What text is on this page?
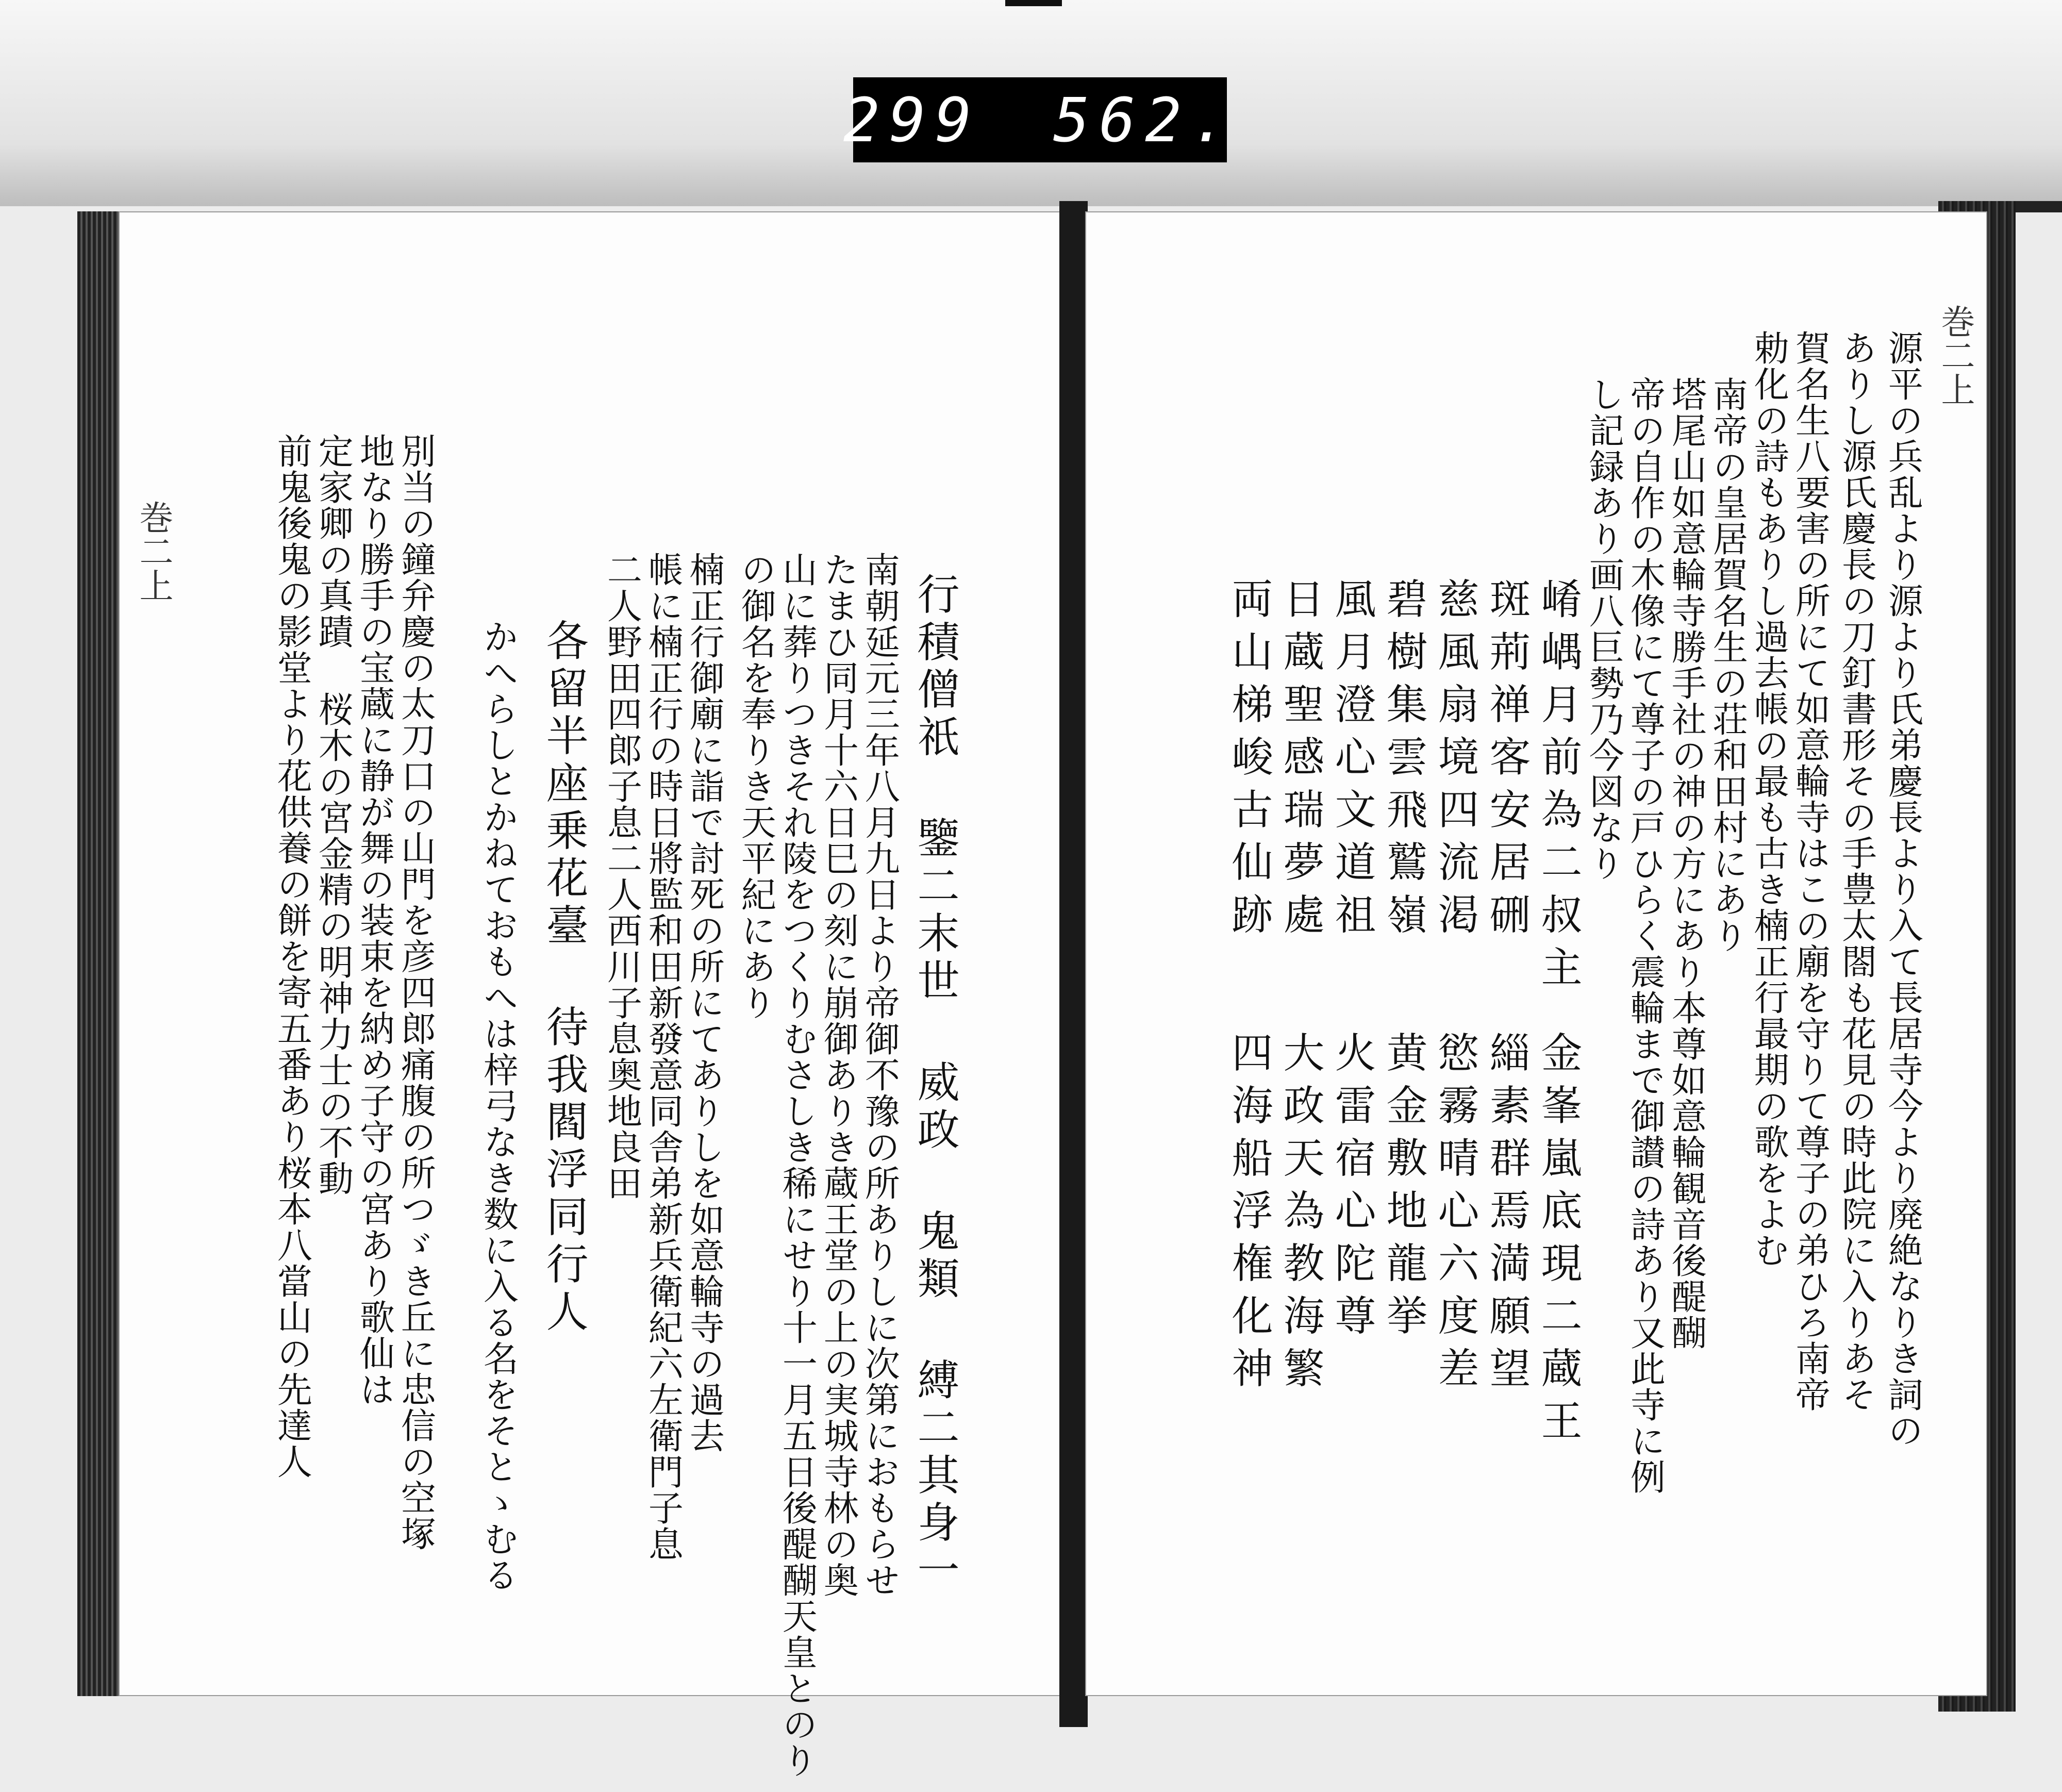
299 562.
巻二上
行積僧祇 鑒二末世 威政 鬼類 縛二其身一
南朝延元三年八月九日より帝御不豫の所ありしに次第におもらせ
たまひ同月十六日巳の刻に崩御ありき蔵王堂の上の実城寺林の奥
山に葬りつきそれ陵をつくりむさしき稀にせり十一月五日後醍醐天皇とのり
の御名を奉りき天平紀にあり
楠正行御廟に詣で討死の所にてありしを如意輪寺の過去
帳に楠正行の時日將監和田新發意同舎弟新兵衛紀六左衛門子息
二人野田四郎子息二人西川子息奥地良田
各留半座乗花臺 待我閻浮同行人
かへらしとかねておもへは梓弓なき数に入る名をそとゝむる
別当の鐘弁慶の太刀口の山門を彦四郎痛腹の所つゞき丘に忠信の空塚
地なり勝手の宝蔵に静が舞の装束を納め子守の宮あり歌仙は
定家卿の真蹟 桜木の宮金精の明神力士の不動
前鬼後鬼の影堂より花供養の餅を寄五番あり桜本八當山の先達人
巻二上
源平の兵乱より源より氏弟慶長より入て長居寺今より廃絶なりき詞の
ありし源氏慶長の刀釘書形その手豊太閤も花見の時此院に入りあそ
賀名生八要害の所にて如意輪寺はこの廟を守りて尊子の弟ひろ南帝
勅化の詩もありし過去帳の最も古き楠正行最期の歌をよむ
南帝の皇居賀名生の荘和田村にあり
塔尾山如意輪寺勝手社の神の方にあり本尊如意輪観音後醍醐
帝の自作の木像にて尊子の戸ひらく震輪まで御讃の詩あり又此寺に例
し記録あり画八巨勢乃今図なり
崤嵎月前為二叔主
金峯嵐底現二蔵王
斑荊禅客安居硎
緇素群焉満願望
慈風扇境四流渇
慾霧晴心六度差
碧樹集雲飛鷲嶺
黄金敷地龍挙
風月澄心文道祖
火雷宿心陀尊
日蔵聖感瑞夢處
大政天為教海繁
両山梯峻古仙跡
四海船浮権化神
